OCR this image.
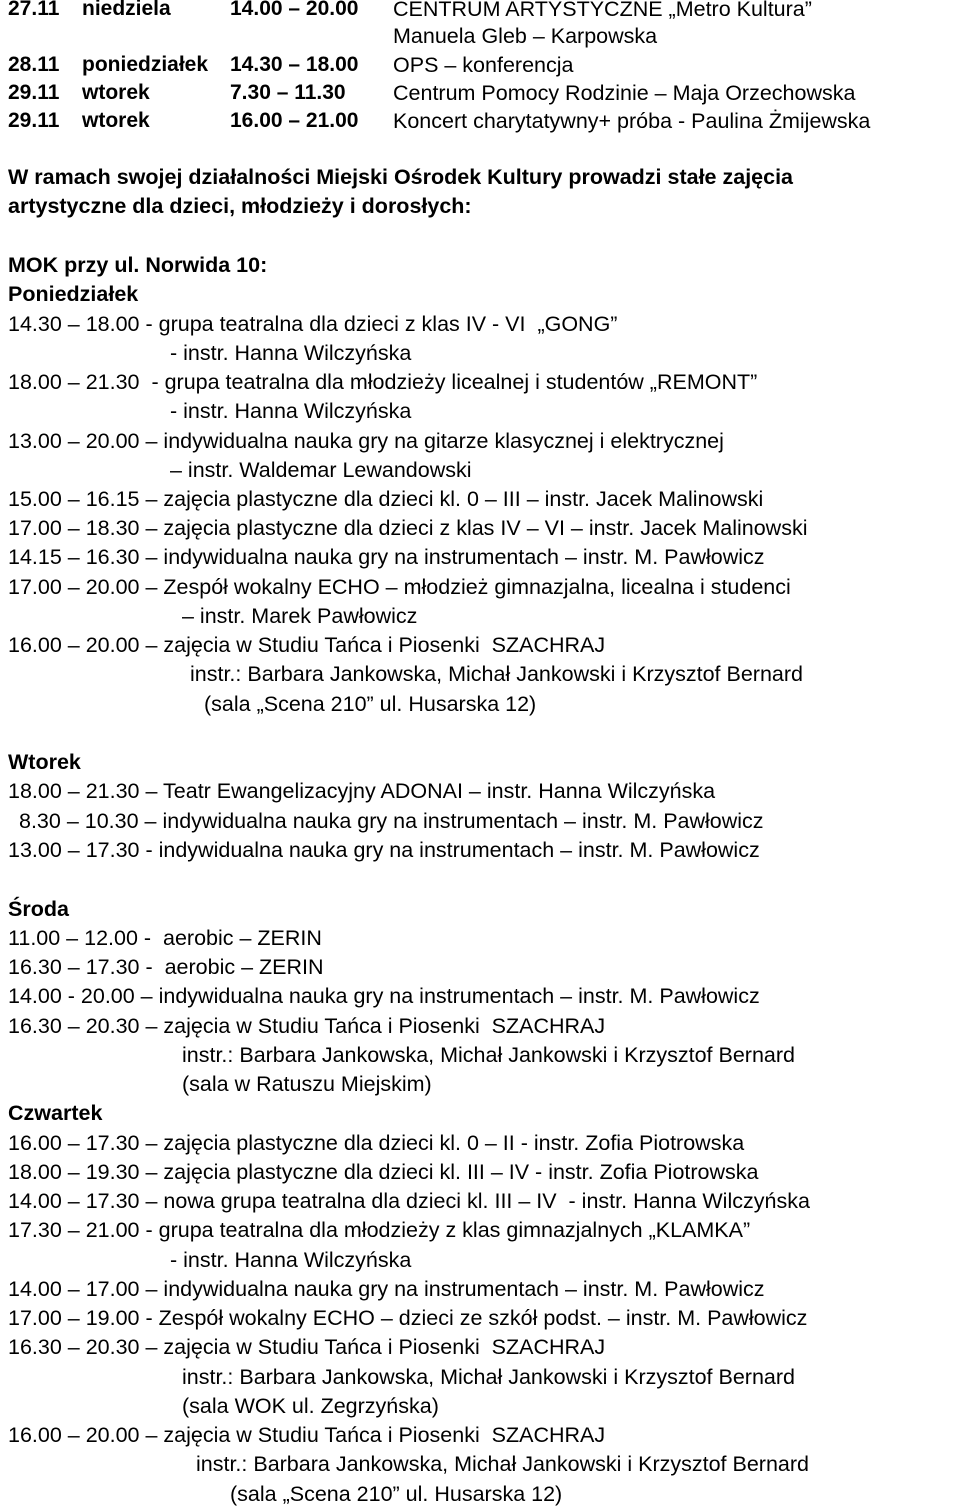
27.11 niedziela	14.00 – 20.00 CENTRUM ARTYSTYCZNE „Metro Kultura”
Manuela Gleb – Karpowska
28.11 poniedziałek 14.30 – 18.00 OPS – konferencja
29.11 wtorek	7.30 – 11.30 Centrum Pomocy Rodzinie – Maja Orzechowska
29.11 wtorek	16.00 – 21.00 Koncert charytatywny+ próba - Paulina Żmijewska
W ramach swojej działalności Miejski Ośrodek Kultury prowadzi stałe zajęcia
artystyczne dla dzieci, młodzieży i dorosłych:
MOK przy ul. Norwida 10:
Poniedziałek
14.30 – 18.00 - grupa teatralna dla dzieci z klas IV - VI  „GONG”
- instr. Hanna Wilczyńska
18.00 – 21.30  - grupa teatralna dla młodzieży licealnej i studentów „REMONT”
- instr. Hanna Wilczyńska
13.00 – 20.00 – indywidualna nauka gry na gitarze klasycznej i elektrycznej
– instr. Waldemar Lewandowski
15.00 – 16.15 – zajęcia plastyczne dla dzieci kl. 0 – III – instr. Jacek Malinowski
17.00 – 18.30 – zajęcia plastyczne dla dzieci z klas IV – VI – instr. Jacek Malinowski
14.15 – 16.30 – indywidualna nauka gry na instrumentach – instr. M. Pawłowicz
17.00 – 20.00 – Zespół wokalny ECHO – młodzież gimnazjalna, licealna i studenci
– instr. Marek Pawłowicz
16.00 – 20.00 – zajęcia w Studiu Tańca i Piosenki  SZACHRAJ
instr.: Barbara Jankowska, Michał Jankowski i Krzysztof Bernard
(sala „Scena 210” ul. Husarska 12)
Wtorek
18.00 – 21.30 – Teatr Ewangelizacyjny ADONAI – instr. Hanna Wilczyńska
8.30 – 10.30 – indywidualna nauka gry na instrumentach – instr. M. Pawłowicz
13.00 – 17.30 - indywidualna nauka gry na instrumentach – instr. M. Pawłowicz
Środa
11.00 – 12.00 -  aerobic – ZERIN
16.30 – 17.30 -  aerobic – ZERIN
14.00 - 20.00 – indywidualna nauka gry na instrumentach – instr. M. Pawłowicz
16.30 – 20.30 – zajęcia w Studiu Tańca i Piosenki  SZACHRAJ
instr.: Barbara Jankowska, Michał Jankowski i Krzysztof Bernard
(sala w Ratuszu Miejskim)
Czwartek
16.00 – 17.30 – zajęcia plastyczne dla dzieci kl. 0 – II - instr. Zofia Piotrowska
18.00 – 19.30 – zajęcia plastyczne dla dzieci kl. III – IV - instr. Zofia Piotrowska
14.00 – 17.30 – nowa grupa teatralna dla dzieci kl. III – IV  - instr. Hanna Wilczyńska
17.30 – 21.00 - grupa teatralna dla młodzieży z klas gimnazjalnych „KLAMKA”
- instr. Hanna Wilczyńska
14.00 – 17.00 – indywidualna nauka gry na instrumentach – instr. M. Pawłowicz
17.00 – 19.00 - Zespół wokalny ECHO – dzieci ze szkół podst. – instr. M. Pawłowicz
16.30 – 20.30 – zajęcia w Studiu Tańca i Piosenki  SZACHRAJ
instr.: Barbara Jankowska, Michał Jankowski i Krzysztof Bernard
(sala WOK ul. Zegrzyńska)
16.00 – 20.00 – zajęcia w Studiu Tańca i Piosenki  SZACHRAJ
instr.: Barbara Jankowska, Michał Jankowski i Krzysztof Bernard
(sala „Scena 210” ul. Husarska 12)
